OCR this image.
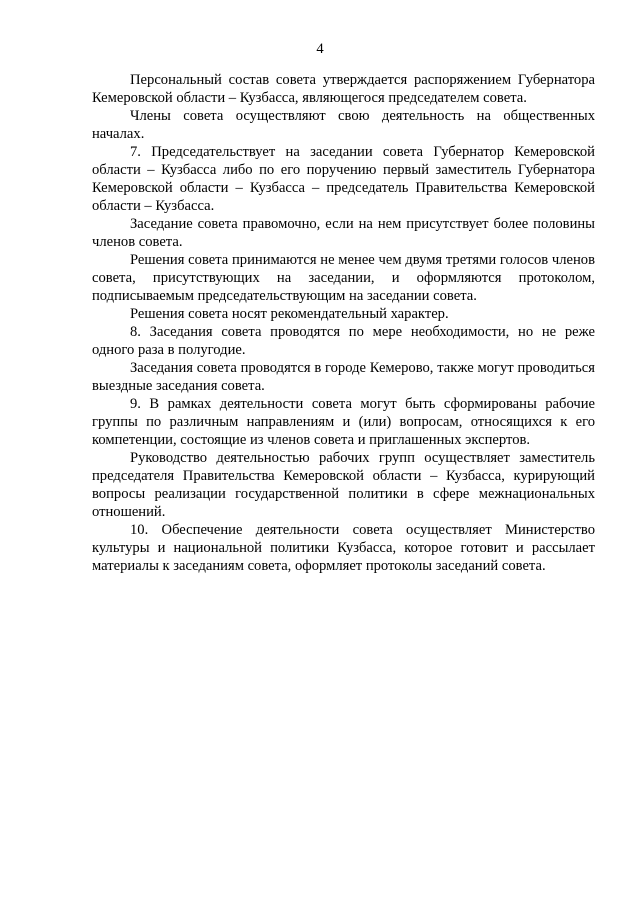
4

Персональный состав совета утверждается распоряжением Губернатора Кемеровской области – Кузбасса, являющегося председателем совета.

Члены совета осуществляют свою деятельность на общественных началах.

7. Председательствует на заседании совета Губернатор Кемеровской области – Кузбасса либо по его поручению первый заместитель Губернатора Кемеровской области – Кузбасса – председатель Правительства Кемеровской области – Кузбасса.

Заседание совета правомочно, если на нем присутствует более половины членов совета.

Решения совета принимаются не менее чем двумя третями голосов членов совета, присутствующих на заседании, и оформляются протоколом, подписываемым председательствующим на заседании совета.

Решения совета носят рекомендательный характер.

8. Заседания совета проводятся по мере необходимости, но не реже одного раза в полугодие.

Заседания совета проводятся в городе Кемерово, также могут проводиться выездные заседания совета.

9. В рамках деятельности совета могут быть сформированы рабочие группы по различным направлениям и (или) вопросам, относящихся к его компетенции, состоящие из членов совета и приглашенных экспертов.

Руководство деятельностью рабочих групп осуществляет заместитель председателя Правительства Кемеровской области – Кузбасса, курирующий вопросы реализации государственной политики в сфере межнациональных отношений.

10. Обеспечение деятельности совета осуществляет Министерство культуры и национальной политики Кузбасса, которое готовит и рассылает материалы к заседаниям совета, оформляет протоколы заседаний совета.
